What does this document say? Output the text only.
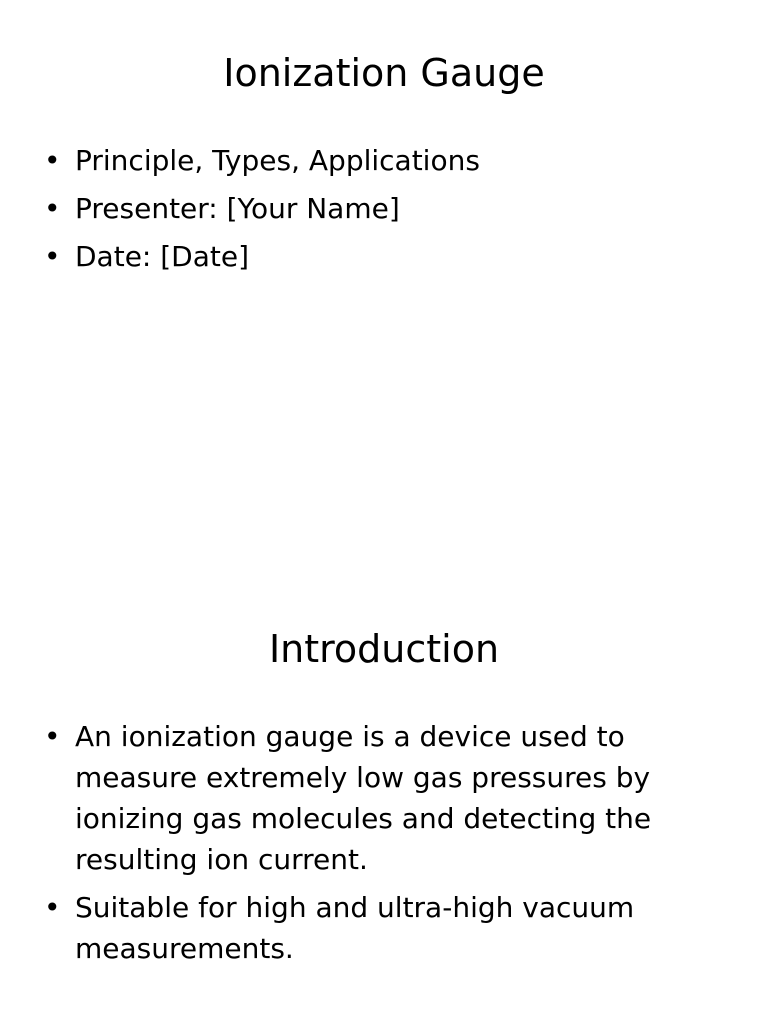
Ionization Gauge
• Principle, Types, Applications
• Presenter: [Your Name]
• Date: [Date]
Introduction
• An ionization gauge is a device used to measure extremely low gas pressures by ionizing gas molecules and detecting the resulting ion current.
• Suitable for high and ultra-high vacuum measurements.
